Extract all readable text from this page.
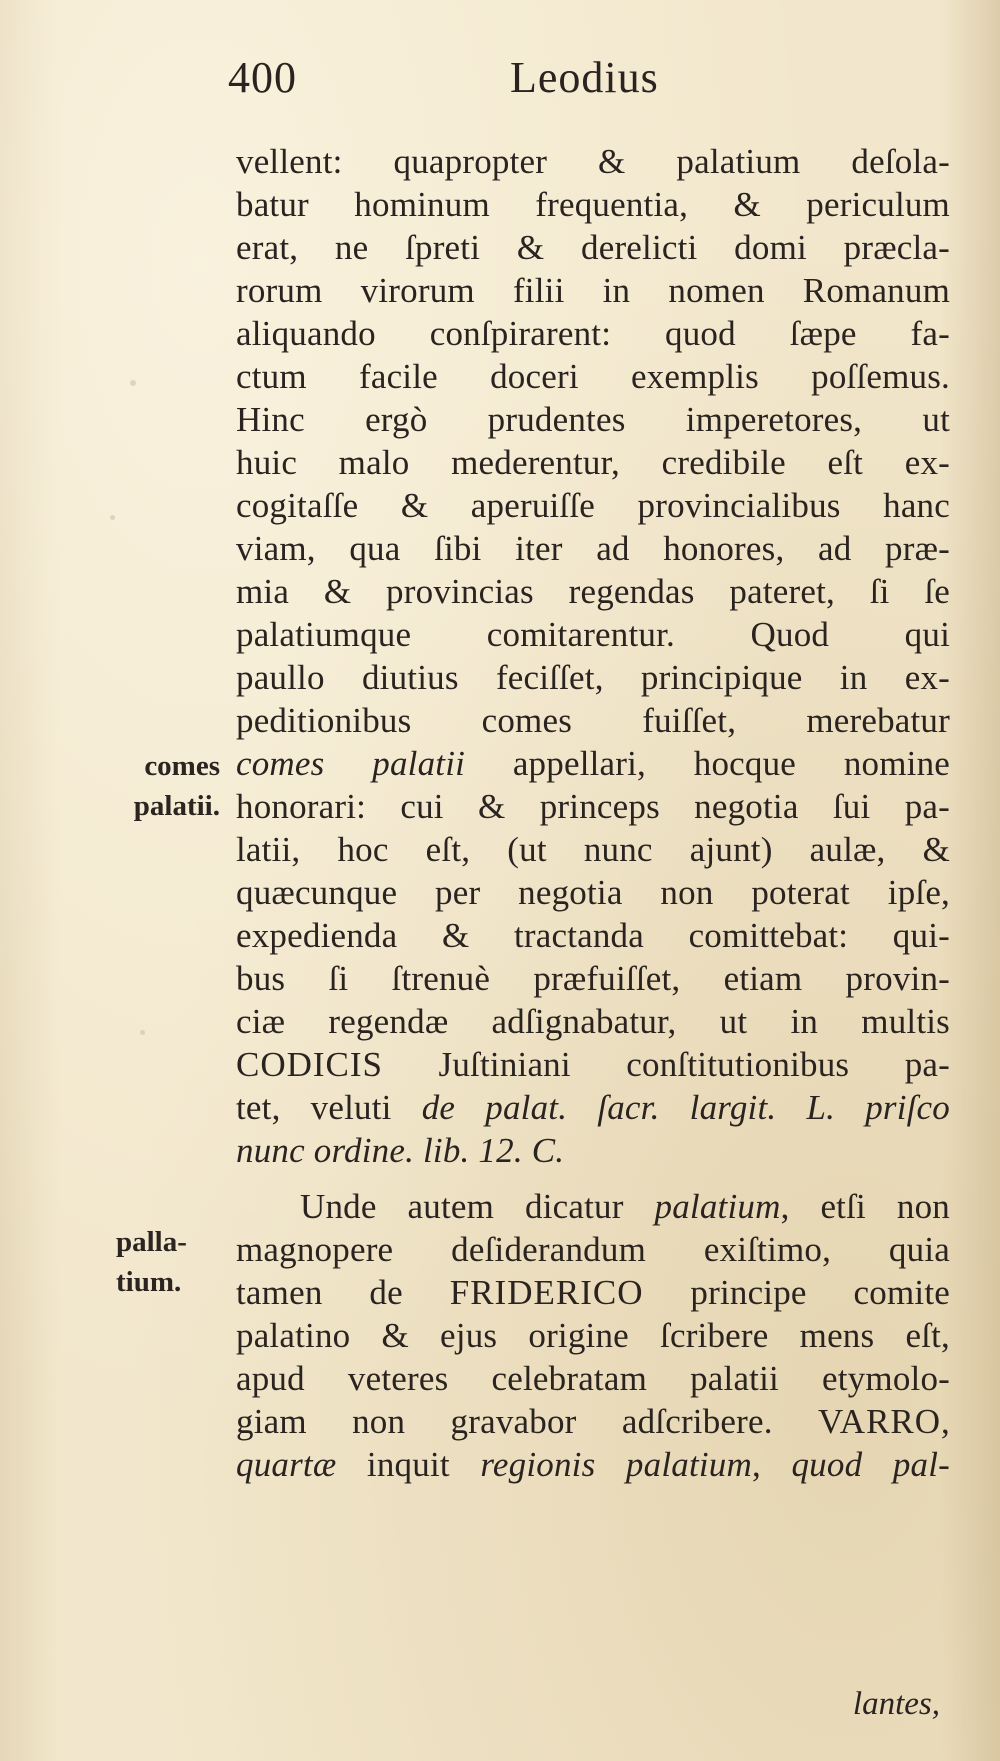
400	Leodius
vellent: quapropter & palatium deſola-
batur hominum frequentia, & periculum
erat, ne ſpreti & derelicti domi præcla-
rorum virorum filii in nomen Romanum
aliquando conſpirarent: quod ſæpe fa-
ctum facile doceri exemplis poſſemus.
Hinc ergò prudentes imperetores, ut
huic malo mederentur, credibile eſt ex-
cogitaſſe & aperuiſſe provincialibus hanc
viam, qua ſibi iter ad honores, ad præ-
mia & provincias regendas pateret, ſi ſe
palatiumque comitarentur. Quod qui
paullo diutius feciſſet, principique in ex-
peditionibus comes fuiſſet, merebatur
comes palatii appellari, hocque nomine
honorari: cui & princeps negotia ſui pa-
latii, hoc eſt, (ut nunc ajunt) aulæ, &
quæcunque per negotia non poterat ipſe,
expedienda & tractanda comittebat: qui-
bus ſi ſtrenuè præfuiſſet, etiam provin-
ciæ regendæ adſignabatur, ut in multis
CODICIS Juſtiniani conſtitutionibus pa-
tet, veluti de palat. ſacr. largit. L. priſco
nunc ordine. lib. 12. C.
Unde autem dicatur palatium, etſi non
magnopere deſiderandum exiſtimo, quia
tamen de FRIDERICO principe comite
palatino & ejus origine ſcribere mens eſt,
apud veteres celebratam palatii etymolo-
giam non gravabor adſcribere. VARRO,
quartæ inquit regionis palatium, quod pal-
lantes,
comes
palatii.
palla-
tium.
